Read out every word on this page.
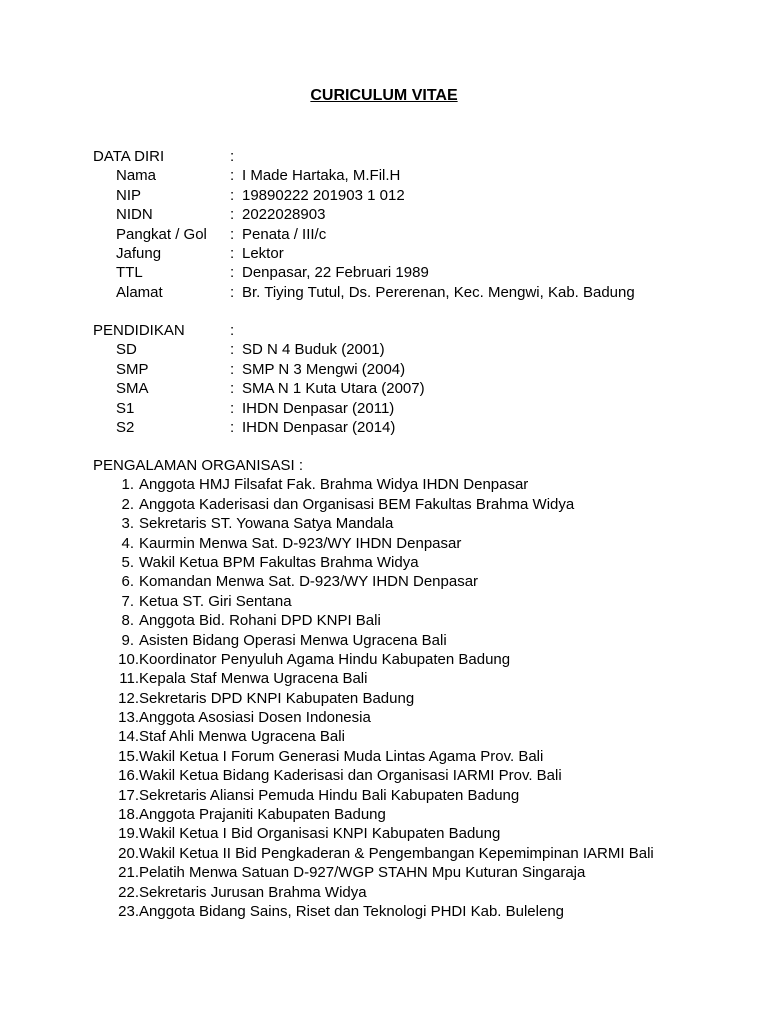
CURICULUM VITAE
DATA DIRI	:
Nama	: I Made Hartaka, M.Fil.H
NIP	: 19890222 201903 1 012
NIDN	: 2022028903
Pangkat / Gol	: Penata / III/c
Jafung	: Lektor
TTL	: Denpasar, 22 Februari 1989
Alamat	: Br. Tiying Tutul, Ds. Pererenan, Kec. Mengwi, Kab. Badung
PENDIDIKAN	:
SD	: SD N 4 Buduk (2001)
SMP	: SMP N 3 Mengwi (2004)
SMA	: SMA N 1 Kuta Utara (2007)
S1	: IHDN Denpasar (2011)
S2	: IHDN Denpasar (2014)
PENGALAMAN ORGANISASI :
1. Anggota HMJ Filsafat Fak. Brahma Widya IHDN Denpasar
2. Anggota Kaderisasi dan Organisasi BEM Fakultas Brahma Widya
3. Sekretaris ST. Yowana Satya Mandala
4. Kaurmin Menwa Sat. D-923/WY IHDN Denpasar
5. Wakil Ketua BPM Fakultas Brahma Widya
6. Komandan Menwa Sat. D-923/WY IHDN Denpasar
7. Ketua ST. Giri Sentana
8. Anggota Bid. Rohani DPD KNPI Bali
9. Asisten Bidang Operasi Menwa Ugracena Bali
10. Koordinator Penyuluh Agama Hindu Kabupaten Badung
11. Kepala Staf Menwa Ugracena Bali
12. Sekretaris DPD KNPI Kabupaten Badung
13. Anggota Asosiasi Dosen Indonesia
14. Staf Ahli Menwa Ugracena Bali
15. Wakil Ketua I Forum Generasi Muda Lintas Agama Prov. Bali
16. Wakil Ketua Bidang Kaderisasi dan Organisasi IARMI Prov. Bali
17. Sekretaris Aliansi Pemuda Hindu Bali Kabupaten Badung
18. Anggota Prajaniti Kabupaten Badung
19. Wakil Ketua I Bid Organisasi KNPI Kabupaten Badung
20. Wakil Ketua II Bid Pengkaderan & Pengembangan Kepemimpinan IARMI Bali
21. Pelatih Menwa Satuan D-927/WGP STAHN Mpu Kuturan Singaraja
22. Sekretaris Jurusan Brahma Widya
23. Anggota Bidang Sains, Riset dan Teknologi PHDI Kab. Buleleng
